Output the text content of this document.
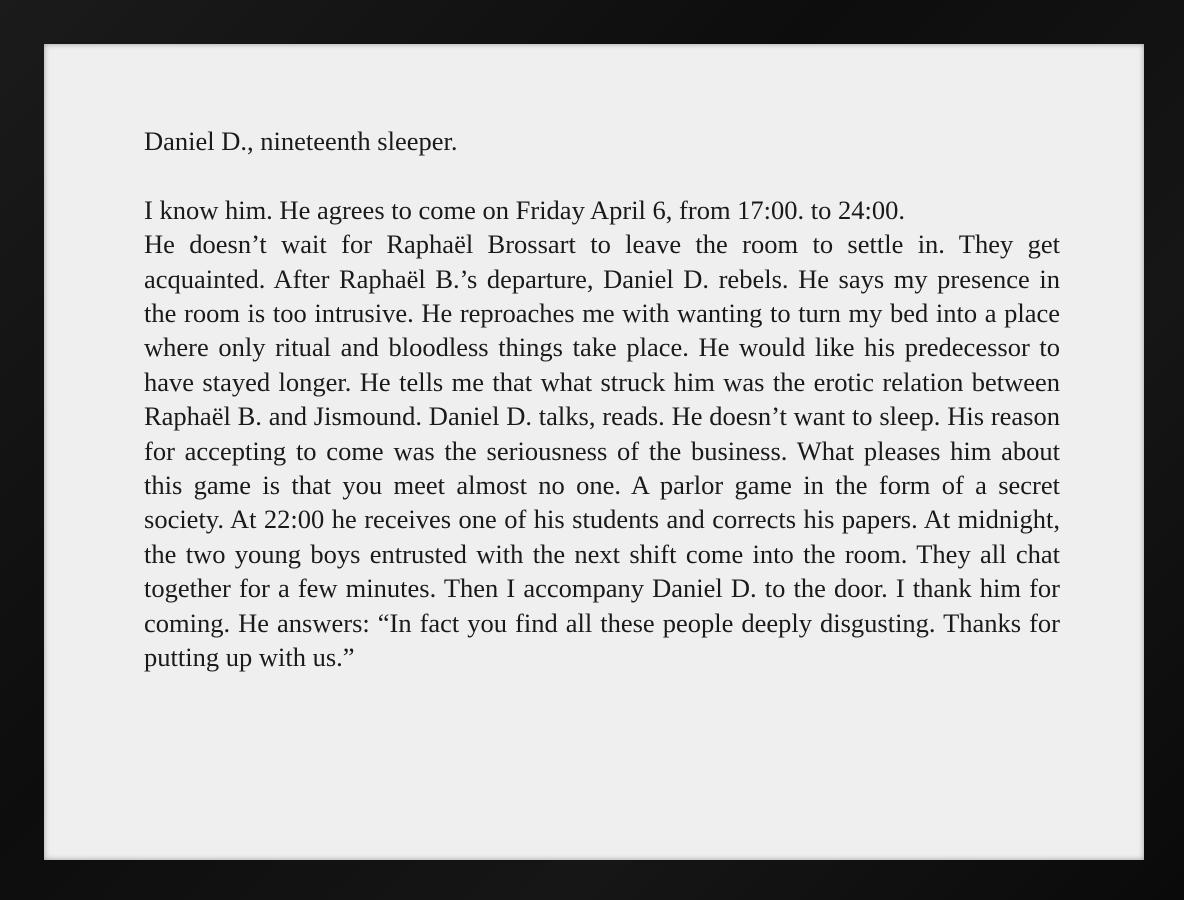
Daniel D., nineteenth sleeper.

I know him. He agrees to come on Friday April 6, from 17:00. to 24:00.

He doesn’t wait for Raphaël Brossart to leave the room to settle in. They get acquainted. After Raphaël B.’s departure, Daniel D. rebels. He says my presence in the room is too intrusive. He reproaches me with wanting to turn my bed into a place where only ritual and bloodless things take place. He would like his predecessor to have stayed longer. He tells me that what struck him was the erotic relation between Raphaël B. and Jismound. Daniel D. talks, reads. He doesn’t want to sleep. His reason for accepting to come was the seriousness of the business. What pleases him about this game is that you meet almost no one. A parlor game in the form of a secret society. At 22:00 he receives one of his students and corrects his papers. At midnight, the two young boys entrusted with the next shift come into the room. They all chat together for a few minutes. Then I accompany Daniel D. to the door. I thank him for coming. He answers: “In fact you find all these people deeply disgusting. Thanks for putting up with us.”
